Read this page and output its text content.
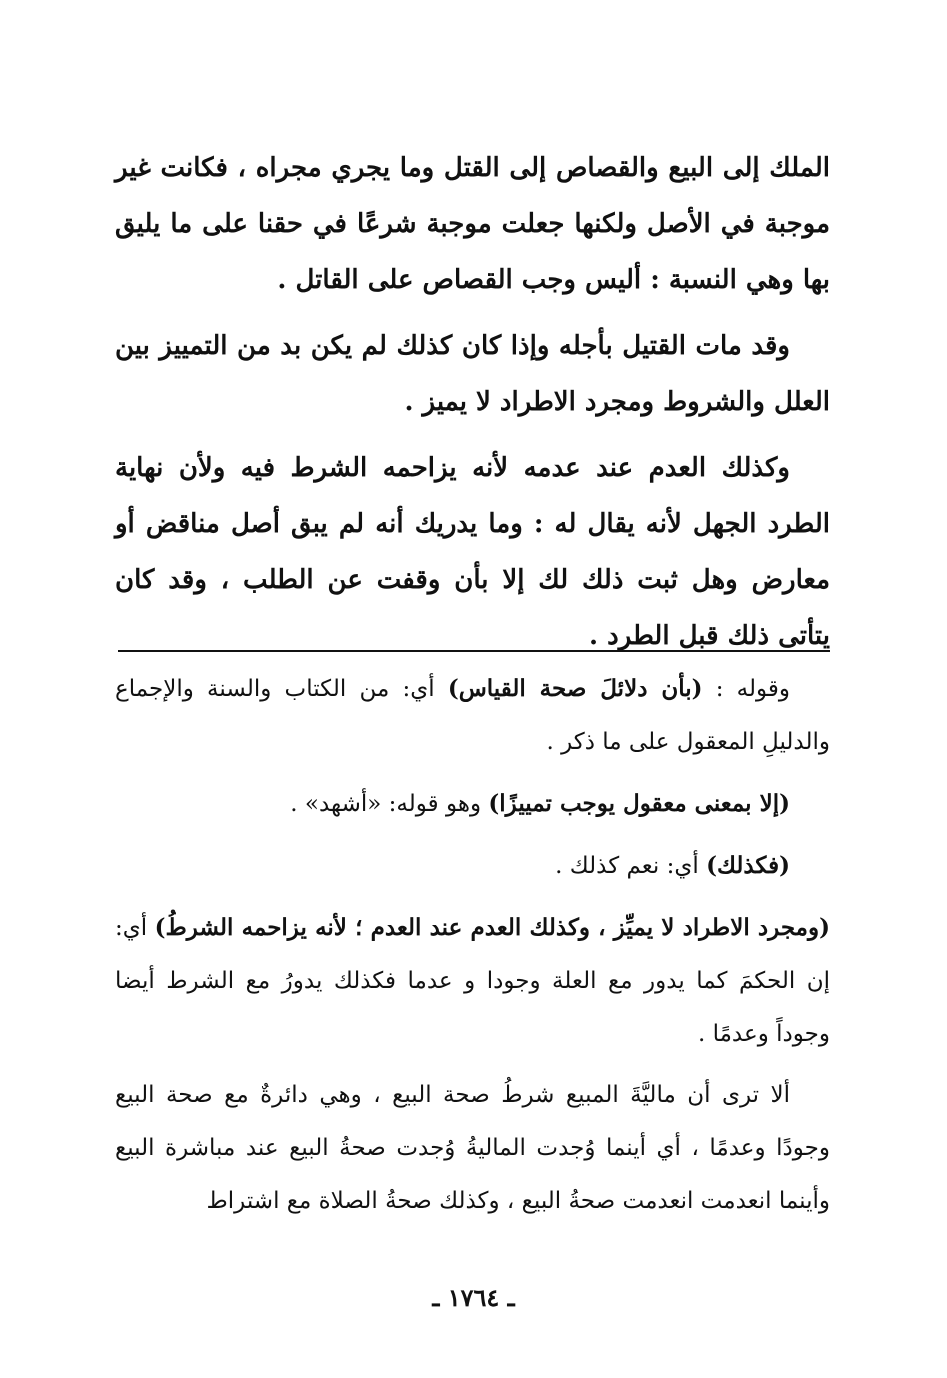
الملك إلى البيع والقصاص إلى القتل وما يجري مجراه ، فكانت غير موجبة في الأصل ولكنها جعلت موجبة شرعًا في حقنا على ما يليق بها وهي النسبة : أليس وجب القصاص على القاتل .

وقد مات القتيل بأجله وإذا كان كذلك لم يكن بد من التمييز بين العلل والشروط ومجرد الاطراد لا يميز .

وكذلك العدم عند عدمه لأنه يزاحمه الشرط فيه ولأن نهاية الطرد الجهل لأنه يقال له : وما يدريك أنه لم يبق أصل مناقض أو معارض وهل ثبت ذلك لك إلا بأن وقفت عن الطلب ، وقد كان يتأتى ذلك قبل الطرد .

وقوله : (بأن دلائلَ صحة القياس) أي: من الكتاب والسنة والإجماع والدليلِ المعقول على ما ذكر .

(إلا بمعنى معقول يوجب تمييزًا) وهو قوله: «أشهد» .

(فكذلك) أي: نعم كذلك .

(ومجرد الاطراد لا يميِّز ، وكذلك العدم عند العدم ؛ لأنه يزاحمه الشرطُ) أي: إن الحكمَ كما يدور مع العلة وجودا و عدما فكذلك يدورُ مع الشرط أيضا وجوداً وعدمًا .

ألا ترى أن ماليَّةَ المبيع شرطُ صحة البيع ، وهي دائرةٌ مع صحة البيع وجودًا وعدمًا ، أي أينما وُجدت الماليةُ وُجدت صحةُ البيع عند مباشرة البيع وأينما انعدمت انعدمت صحةُ البيع ، وكذلك صحةُ الصلاة مع اشتراط

ـ ١٧٦٤ ـ
